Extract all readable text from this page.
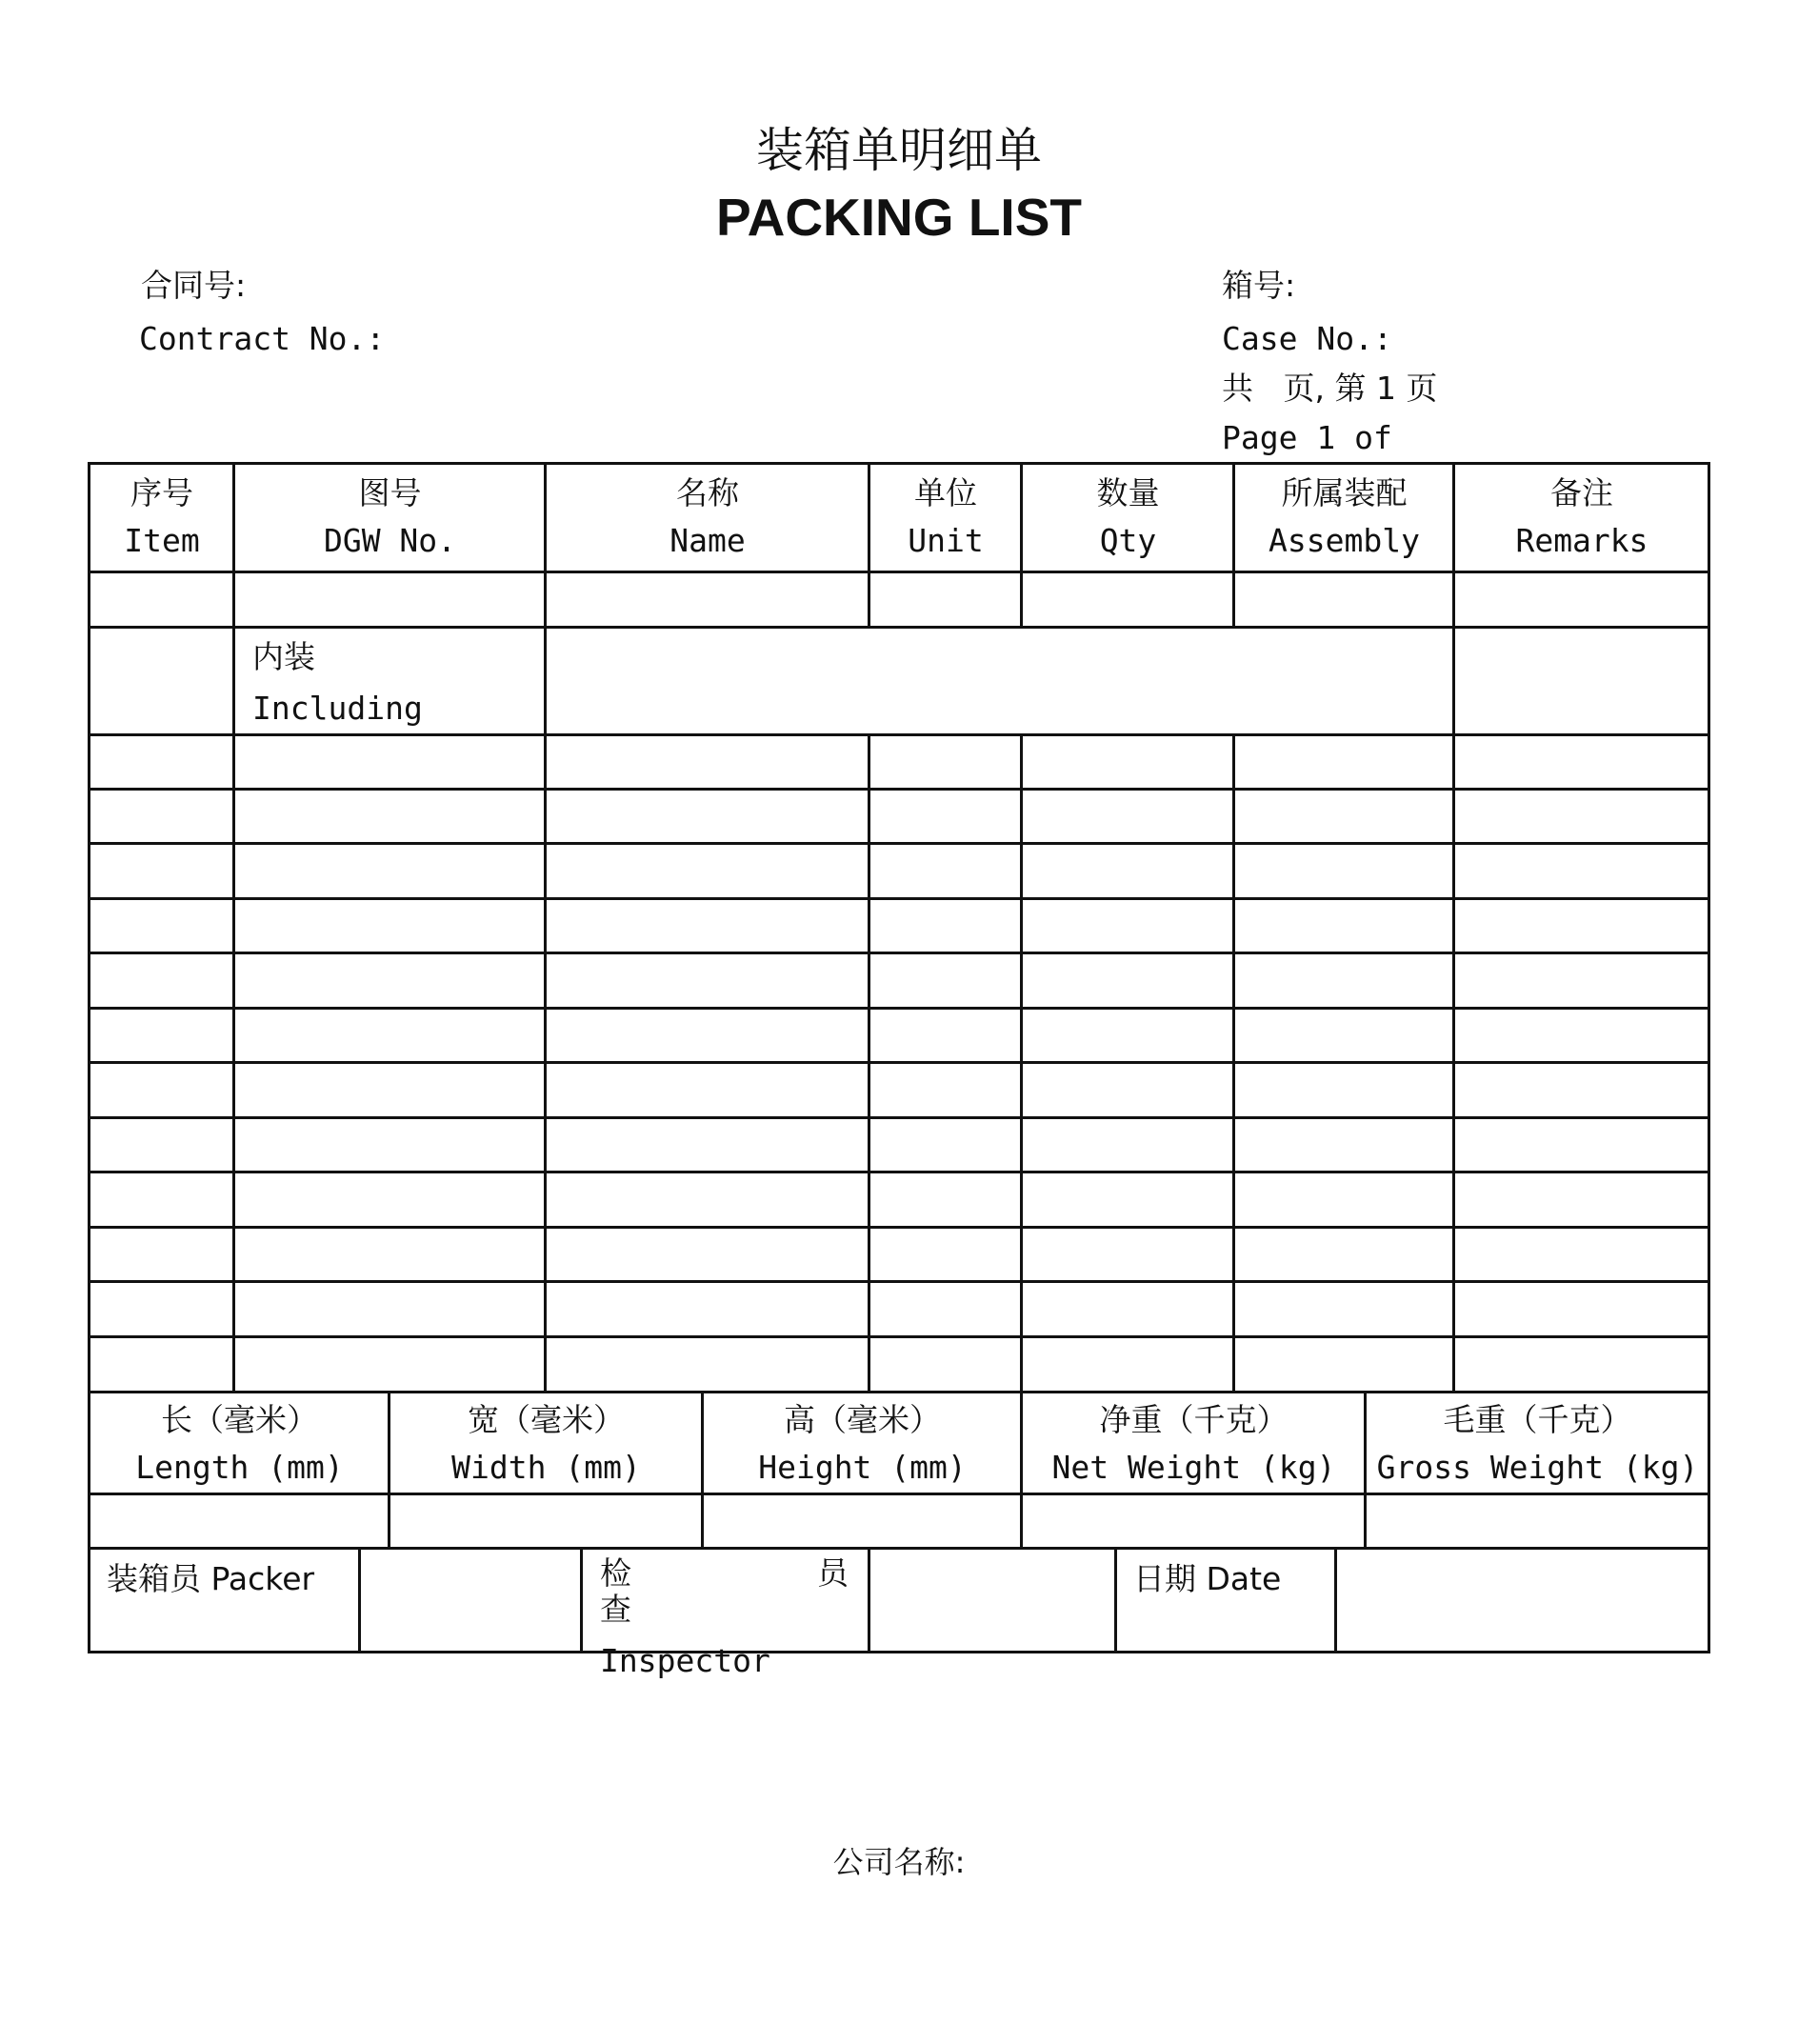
装箱单明细单
PACKING LIST
合同号:
Contract No.:
箱号:
Case No.:
共   页, 第 1 页
Page 1 of
序号
Item
图号
DGW No.
名称
Name
单位
Unit
数量
Qty
所属装配
Assembly
备注
Remarks
内装
Including
长（毫米）
Length (mm)
宽（毫米）
Width (mm)
高（毫米）
Height (mm)
净重（千克）
Net Weight (kg)
毛重（千克）
Gross Weight (kg)
装箱员 Packer	检
查
员
Inspector
日期 Date
公司名称:
